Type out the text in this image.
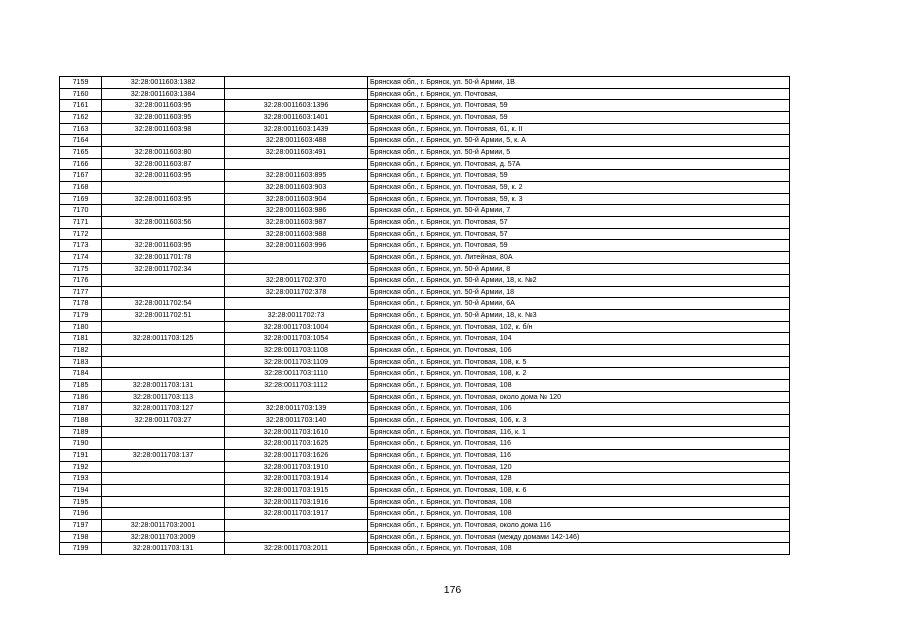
7159	32:28:0011603:1382		Брянская обл., г. Брянск, ул. 50-й Армии, 1В
7160	32:28:0011603:1384		Брянская обл., г. Брянск, ул. Почтовая,
7161	32:28:0011603:95	32:28:0011603:1396	Брянская обл., г. Брянск, ул. Почтовая, 59
7162	32:28:0011603:95	32:28:0011603:1401	Брянская обл., г. Брянск, ул. Почтовая, 59
7163	32:28:0011603:98	32:28:0011603:1439	Брянская обл., г. Брянск, ул. Почтовая, 61, к. II
7164		32:28:0011603:488	Брянская обл., г. Брянск, ул. 50-й Армии, 5, к. А
7165	32:28:0011603:80	32:28:0011603:491	Брянская обл., г. Брянск, ул. 50-й Армии, 5
7166	32:28:0011603:87		Брянская обл., г. Брянск, ул. Почтовая, д. 57А
7167	32:28:0011603:95	32:28:0011603:895	Брянская обл., г. Брянск, ул. Почтовая, 59
7168		32:28:0011603:903	Брянская обл., г. Брянск, ул. Почтовая, 59, к. 2
7169	32:28:0011603:95	32:28:0011603:904	Брянская обл., г. Брянск, ул. Почтовая, 59, к. 3
7170		32:28:0011603:986	Брянская обл., г. Брянск, ул. 50-й Армии, 7
7171	32:28:0011603:56	32:28:0011603:987	Брянская обл., г. Брянск, ул. Почтовая, 57
7172		32:28:0011603:988	Брянская обл., г. Брянск, ул. Почтовая, 57
7173	32:28:0011603:95	32:28:0011603:996	Брянская обл., г. Брянск, ул. Почтовая, 59
7174	32:28:0011701:78		Брянская обл., г. Брянск, ул. Литейная, 80А
7175	32:28:0011702:34		Брянская обл., г. Брянск, ул. 50-й Армии, 8
7176		32:28:0011702:370	Брянская обл., г. Брянск, ул. 50-й Армии, 18, к. №2
7177		32:28:0011702:378	Брянская обл., г. Брянск, ул. 50-й Армии, 18
7178	32:28:0011702:54		Брянская обл., г. Брянск, ул. 50-й Армии, 6А
7179	32:28:0011702:51	32:28:0011702:73	Брянская обл., г. Брянск, ул. 50-й Армии, 18, к. №3
7180		32:28:0011703:1004	Брянская обл., г. Брянск, ул. Почтовая, 102, к. б/н
7181	32:28:0011703:125	32:28:0011703:1054	Брянская обл., г. Брянск, ул. Почтовая, 104
7182		32:28:0011703:1108	Брянская обл., г. Брянск, ул. Почтовая, 106
7183		32:28:0011703:1109	Брянская обл., г. Брянск, ул. Почтовая, 108, к. 5
7184		32:28:0011703:1110	Брянская обл., г. Брянск, ул. Почтовая, 108, к. 2
7185	32:28:0011703:131	32:28:0011703:1112	Брянская обл., г. Брянск, ул. Почтовая, 108
7186	32:28:0011703:113		Брянская обл., г. Брянск, ул. Почтовая, около дома № 120
7187	32:28:0011703:127	32:28:0011703:139	Брянская обл., г. Брянск, ул. Почтовая, 106
7188	32:28:0011703:27	32:28:0011703:140	Брянская обл., г. Брянск, ул. Почтовая, 106, к. 3
7189		32:28:0011703:1610	Брянская обл., г. Брянск, ул. Почтовая, 116, к. 1
7190		32:28:0011703:1625	Брянская обл., г. Брянск, ул. Почтовая, 116
7191	32:28:0011703:137	32:28:0011703:1626	Брянская обл., г. Брянск, ул. Почтовая, 116
7192		32:28:0011703:1910	Брянская обл., г. Брянск, ул. Почтовая, 120
7193		32:28:0011703:1914	Брянская обл., г. Брянск, ул. Почтовая, 128
7194		32:28:0011703:1915	Брянская обл., г. Брянск, ул. Почтовая, 108, к. 6
7195		32:28:0011703:1916	Брянская обл., г. Брянск, ул. Почтовая, 108
7196		32:28:0011703:1917	Брянская обл., г. Брянск, ул. Почтовая, 108
7197	32:28:0011703:2001		Брянская обл., г. Брянск, ул. Почтовая, около дома 116
7198	32:28:0011703:2009		Брянская обл., г. Брянск, ул. Почтовая (между домами 142-146)
7199	32:28:0011703:131	32:28:0011703:2011	Брянская обл., г. Брянск, ул. Почтовая, 108
176
